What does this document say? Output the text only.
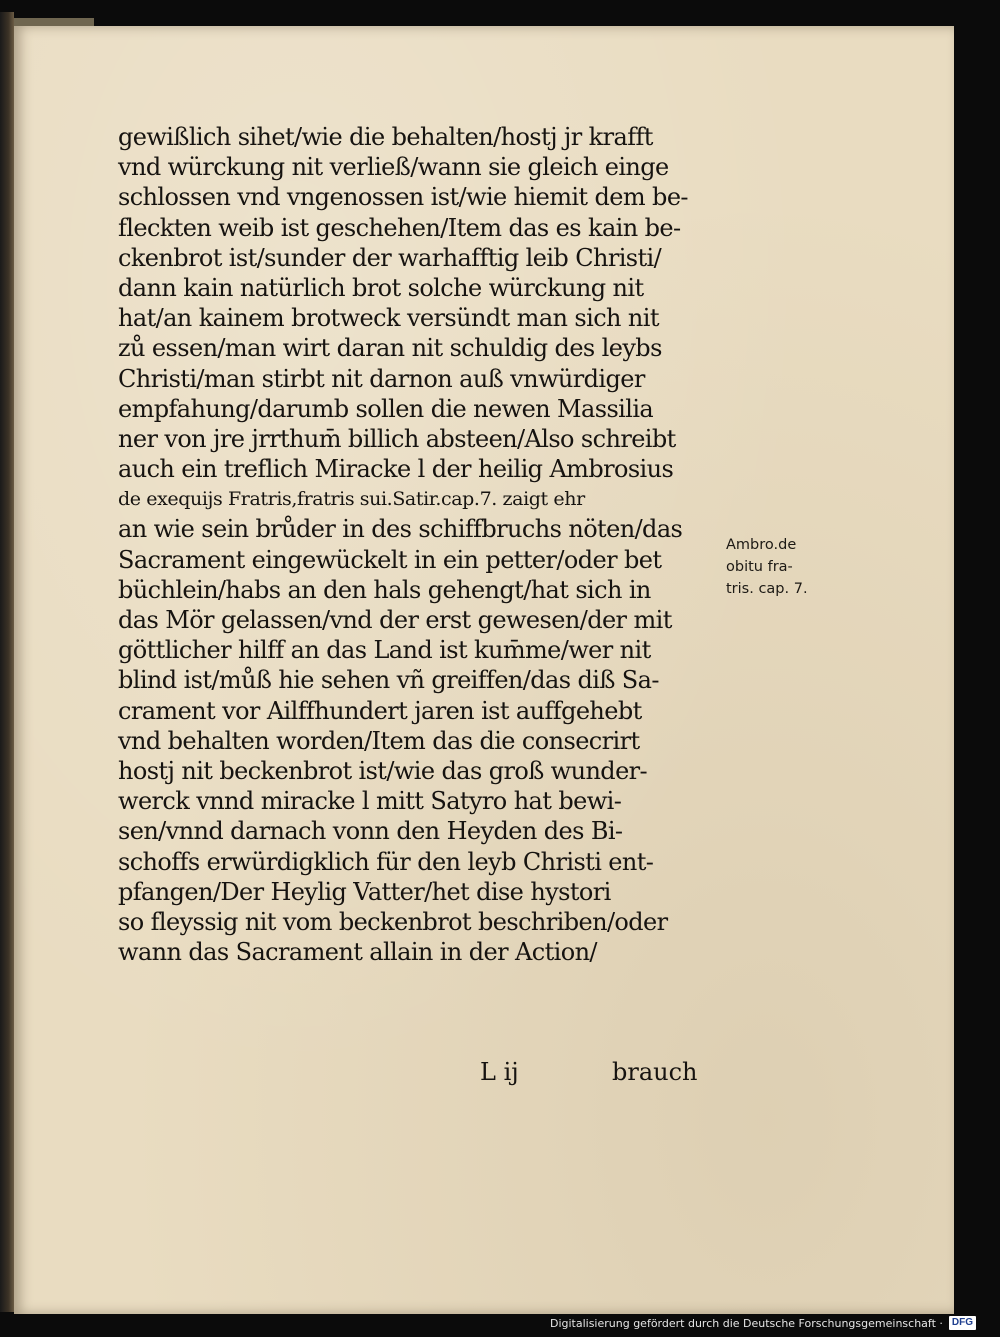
gewißlich sihet/wie die behalten/hostj jr krafft
vnd würckung nit verließ/wann sie gleich einge
schlossen vnd vngenossen ist/wie hiemit dem be-
fleckten weib ist geschehen/Item das es kain be-
ckenbrot ist/sunder der warhafftig leib Christi/
dann kain natürlich brot solche würckung nit
hat/an kainem brotweck versündt man sich nit
zů essen/man wirt daran nit schuldig des leybs
Christi/man stirbt nit darnon auß vnwürdiger
empfahung/darumb sollen die newen Massilia
ner von jre jrrthum̄ billich absteen/Also schreibt
auch ein treflich Miracke l der heilig Ambrosius
de exequijs Fratris,fratris sui.Satir.cap.7. zaigt ehr
an wie sein brůder in des schiffbruchs nöten/das
Sacrament eingewückelt in ein petter/oder bet
büchlein/habs an den hals gehengt/hat sich in
das Mör gelassen/vnd der erst gewesen/der mit
göttlicher hilff an das Land ist kum̄me/wer nit
blind ist/můß hie sehen vñ greiffen/das diß Sa-
crament vor Ailffhundert jaren ist auffgehebt
vnd behalten worden/Item das die consecrirt
hostj nit beckenbrot ist/wie das groß wunder-
werck vnnd miracke l mitt Satyro hat bewi-
sen/vnnd darnach vonn den Heyden des Bi-
schoffs erwürdigklich für den leyb Christi ent-
pfangen/Der Heylig Vatter/het dise hystori
so fleyssig nit vom beckenbrot beschriben/oder
wann das Sacrament allain in der Action/
L ij	brauch
Ambro.de
obitu fra-
tris. cap. 7.
Digitalisierung gefördert durch die Deutsche Forschungsgemeinschaft · DFG
